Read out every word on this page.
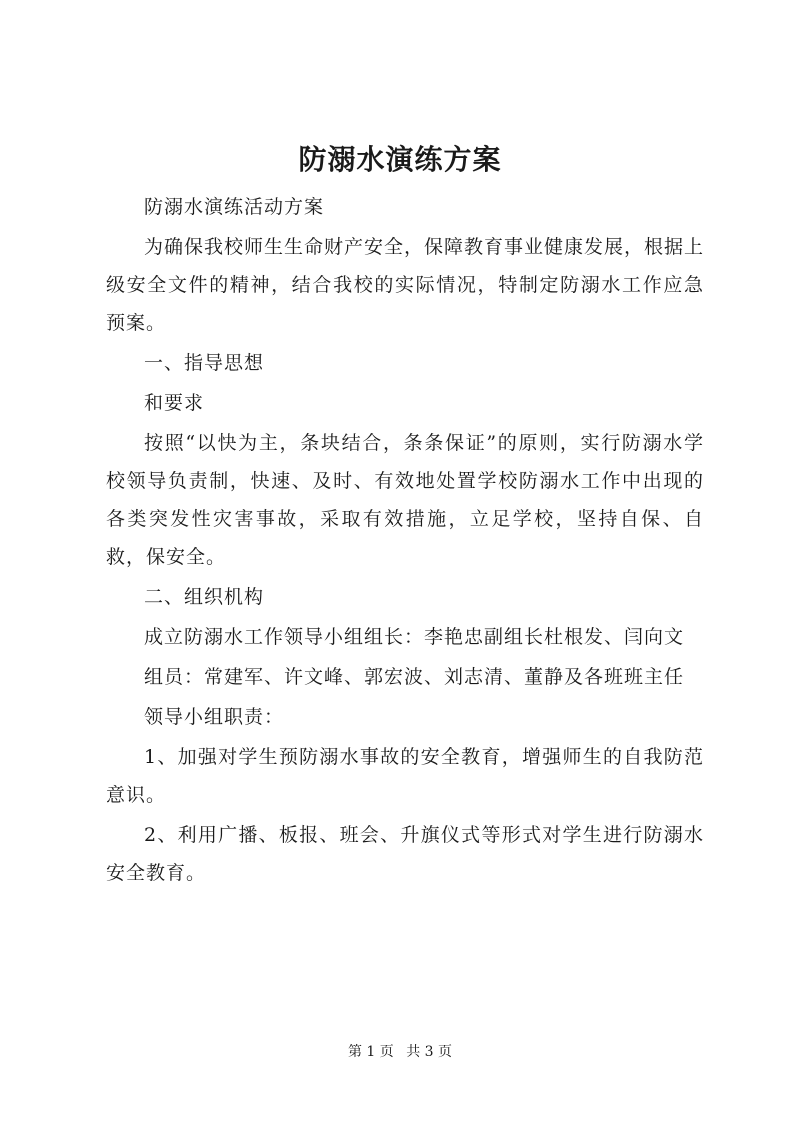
防溺水演练方案

防溺水演练活动方案

为确保我校师生生命财产安全，保障教育事业健康发展，根据上级安全文件的精神，结合我校的实际情况，特制定防溺水工作应急预案。

一、指导思想

和要求

按照“以快为主，条块结合，条条保证”的原则，实行防溺水学校领导负责制，快速、及时、有效地处置学校防溺水工作中出现的各类突发性灾害事故，采取有效措施，立足学校，坚持自保、自救，保安全。

二、组织机构

成立防溺水工作领导小组组长：李艳忠副组长杜根发、闫向文

组员：常建军、许文峰、郭宏波、刘志清、董静及各班班主任

领导小组职责：

1、加强对学生预防溺水事故的安全教育，增强师生的自我防范意识。

2、利用广播、板报、班会、升旗仪式等形式对学生进行防溺水安全教育。

第 1 页 共 3 页
